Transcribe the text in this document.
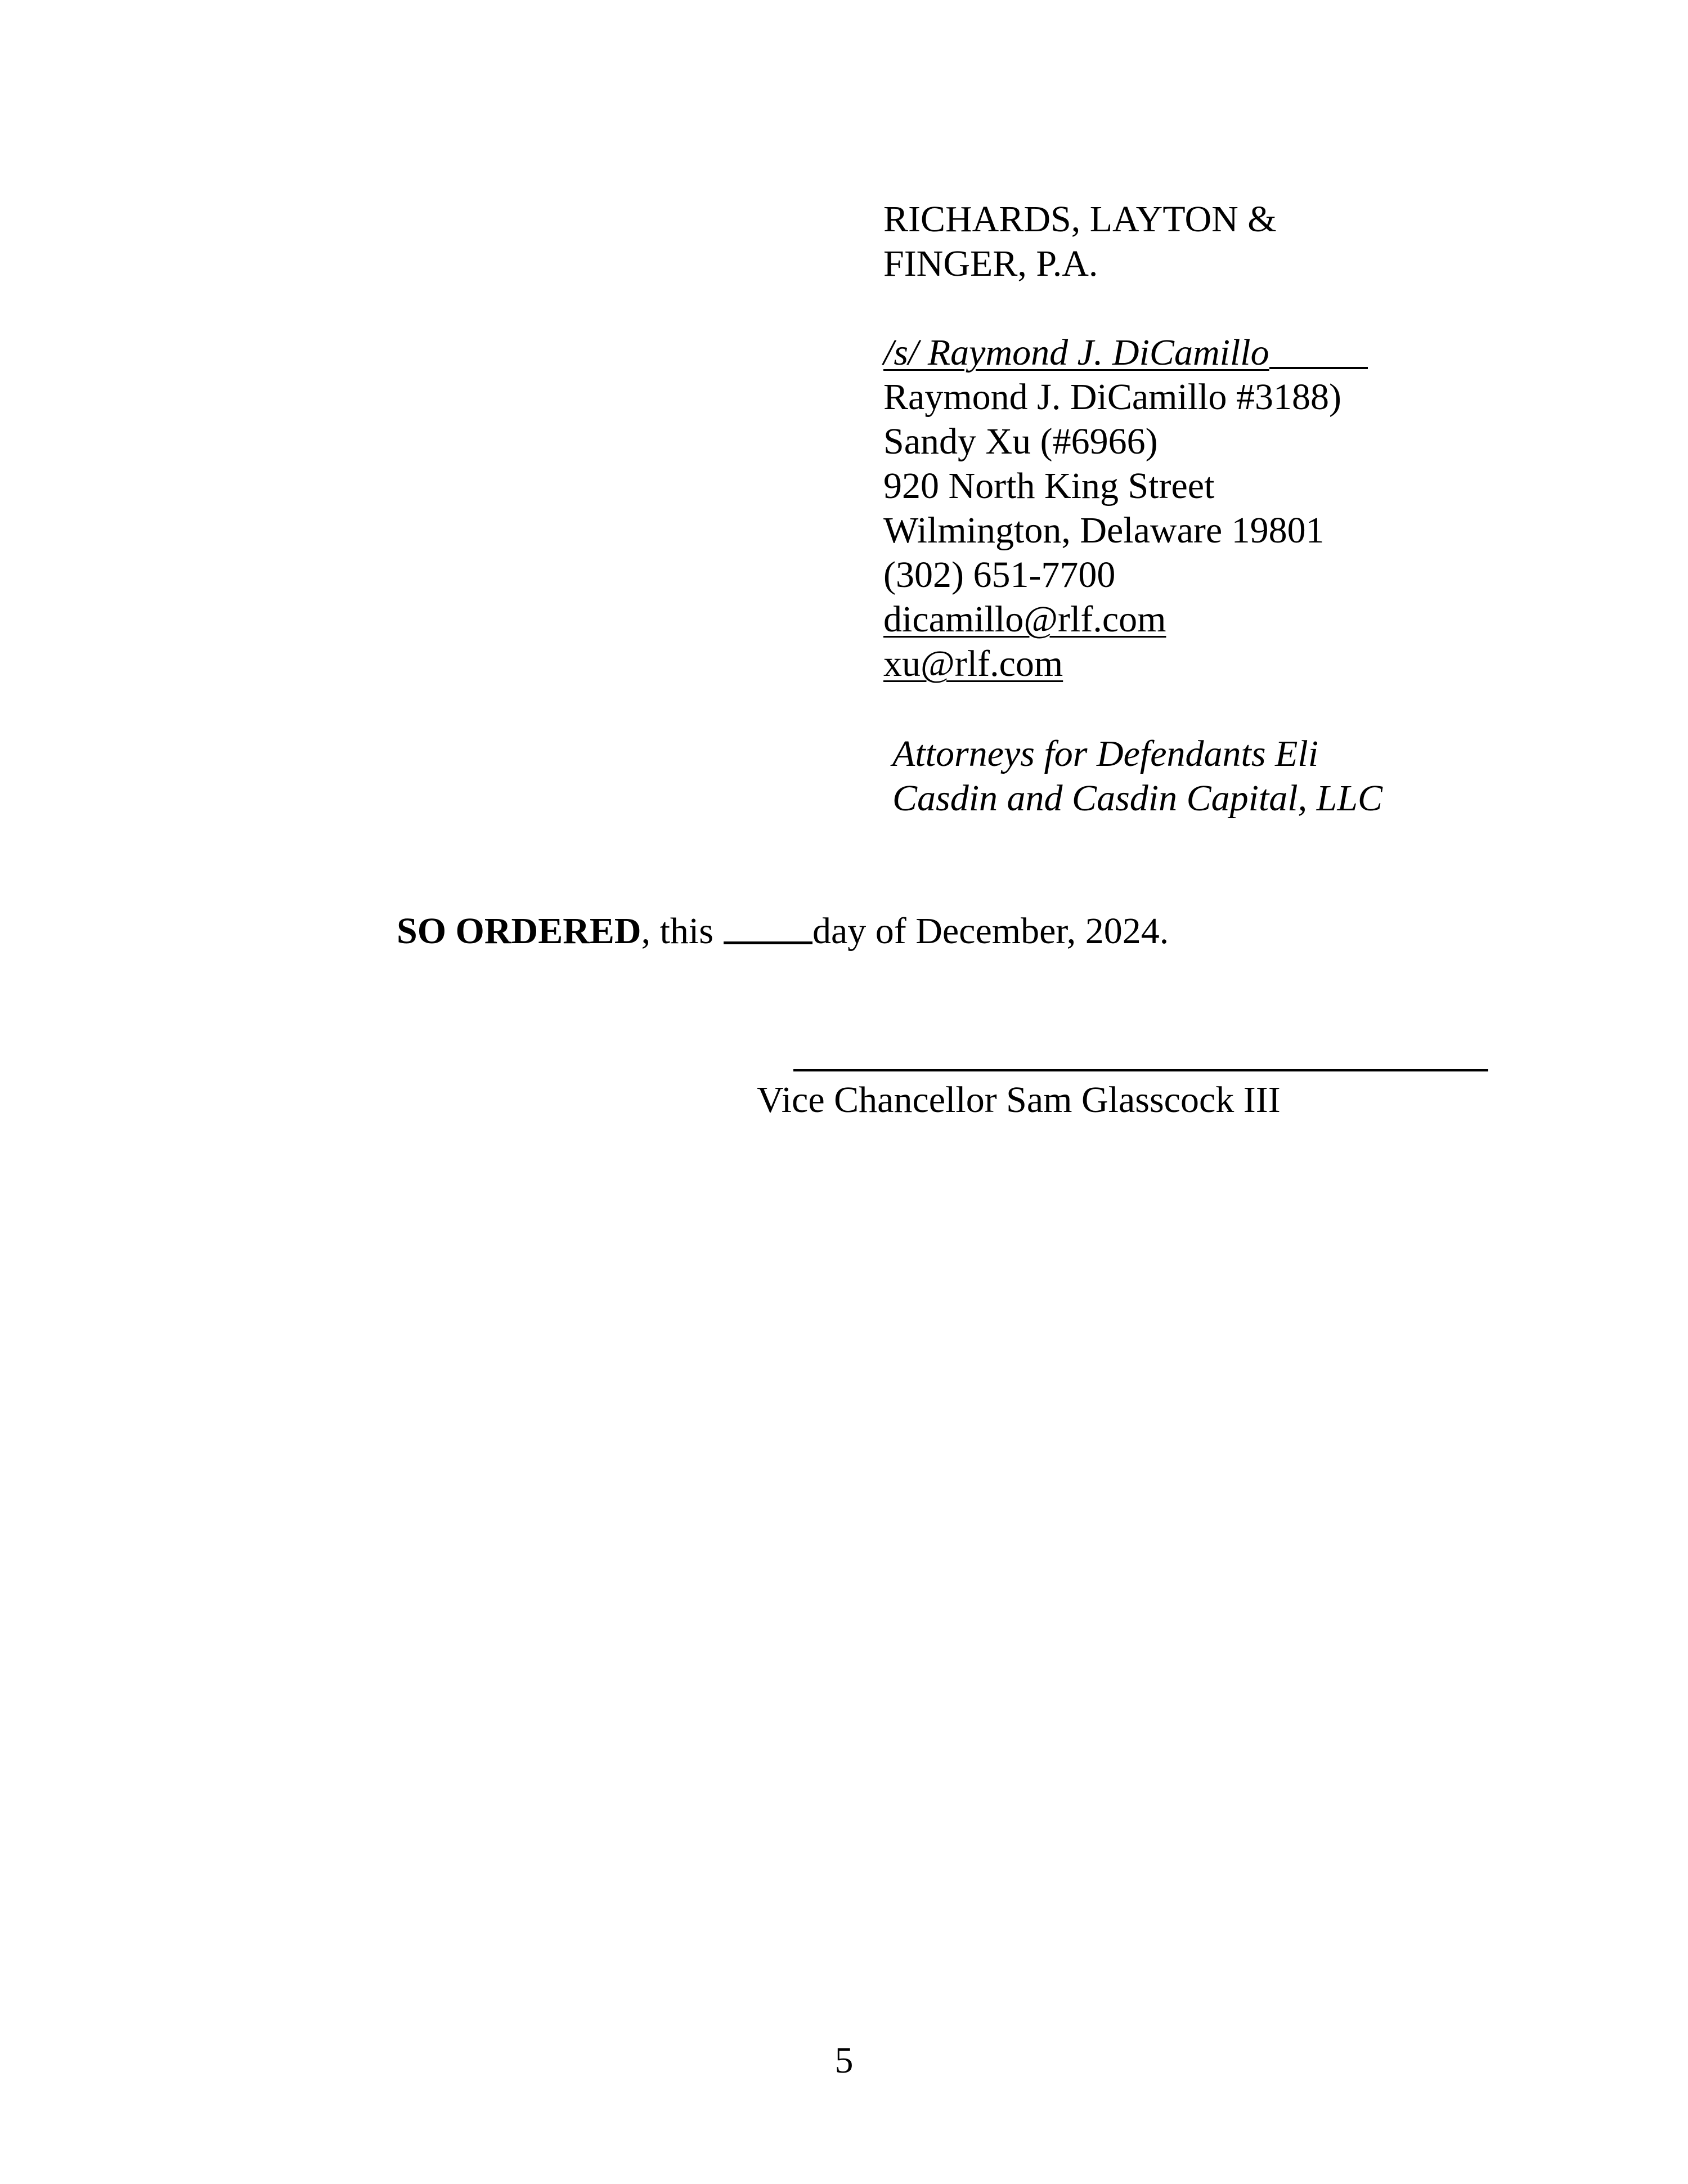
RICHARDS, LAYTON &
FINGER, P.A.
/s/ Raymond J. DiCamillo
Raymond J. DiCamillo #3188)
Sandy Xu (#6966)
920 North King Street
Wilmington, Delaware 19801
(302) 651-7700
dicamillo@rlf.com
xu@rlf.com
Attorneys for Defendants Eli
Casdin and Casdin Capital, LLC
SO ORDERED, this	day of December, 2024.
Vice Chancellor Sam Glasscock III
5
